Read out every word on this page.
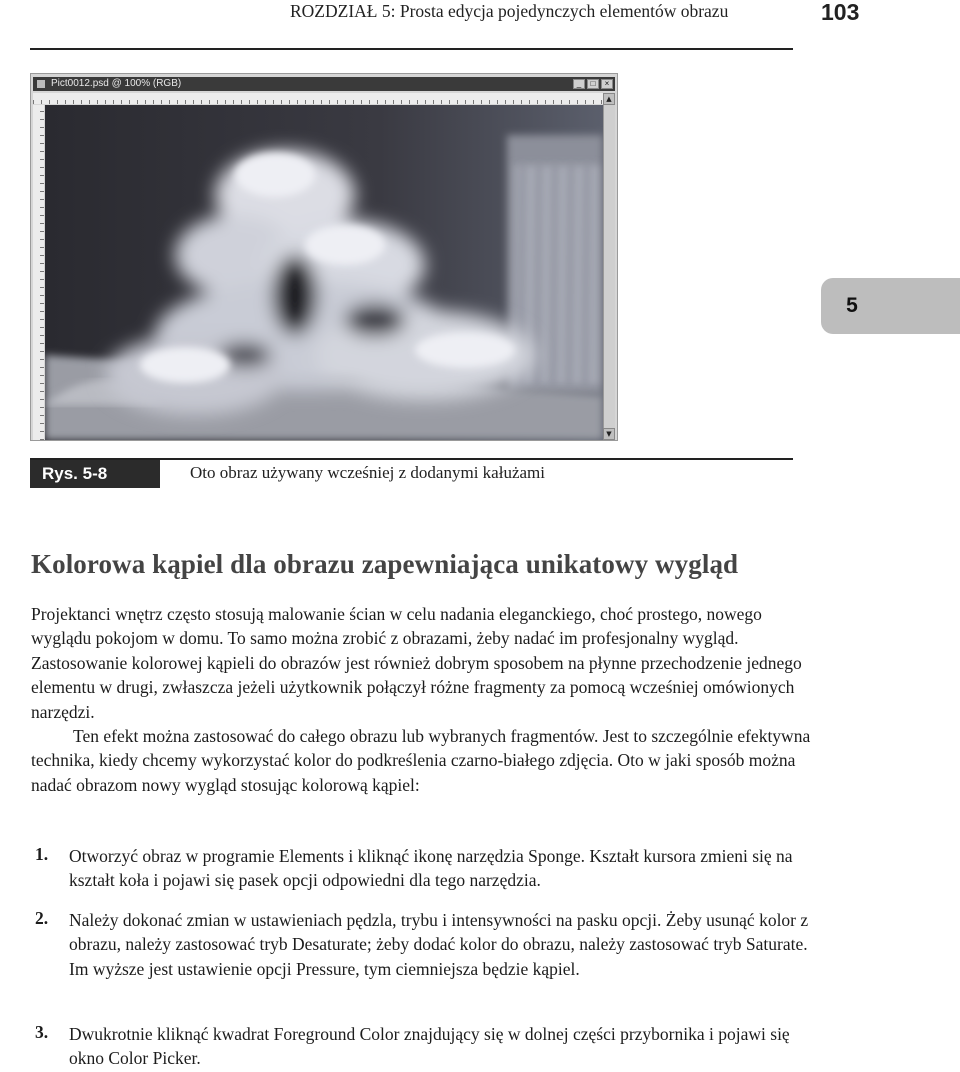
ROZDZIAŁ 5: Prosta edycja pojedynczych elementów obrazu	103
5
Pict0012.psd @ 100% (RGB)	_	□	×
▲
▼
Rys. 5-8	Oto obraz używany wcześniej z dodanymi kałużami
Kolorowa kąpiel dla obrazu zapewniająca unikatowy wygląd

Projektanci wnętrz często stosują malowanie ścian w celu nadania eleganckiego, choć prostego, nowego wyglądu pokojom w domu. To samo można zrobić z obrazami, żeby nadać im profesjonalny wygląd. Zastosowanie kolorowej kąpieli do obrazów jest również dobrym sposobem na płynne przechodzenie jednego elementu w drugi, zwłaszcza jeżeli użytkownik połączył różne fragmenty za pomocą wcześniej omówionych narzędzi.

Ten efekt można zastosować do całego obrazu lub wybranych fragmentów. Jest to szczególnie efektywna technika, kiedy chcemy wykorzystać kolor do podkreślenia czarno-białego zdjęcia. Oto w jaki sposób można nadać obrazom nowy wygląd stosując kolorową kąpiel:

1. Otworzyć obraz w programie Elements i kliknąć ikonę narzędzia Sponge. Kształt kursora zmieni się na kształt koła i pojawi się pasek opcji odpowiedni dla tego narzędzia.

2. Należy dokonać zmian w ustawieniach pędzla, trybu i intensywności na pasku opcji. Żeby usunąć kolor z obrazu, należy zastosować tryb Desaturate; żeby dodać kolor do obrazu, należy zastosować tryb Saturate. Im wyższe jest ustawienie opcji Pressure, tym ciemniejsza będzie kąpiel.

3. Dwukrotnie kliknąć kwadrat Foreground Color znajdujący się w dolnej części przybornika i pojawi się okno Color Picker.
